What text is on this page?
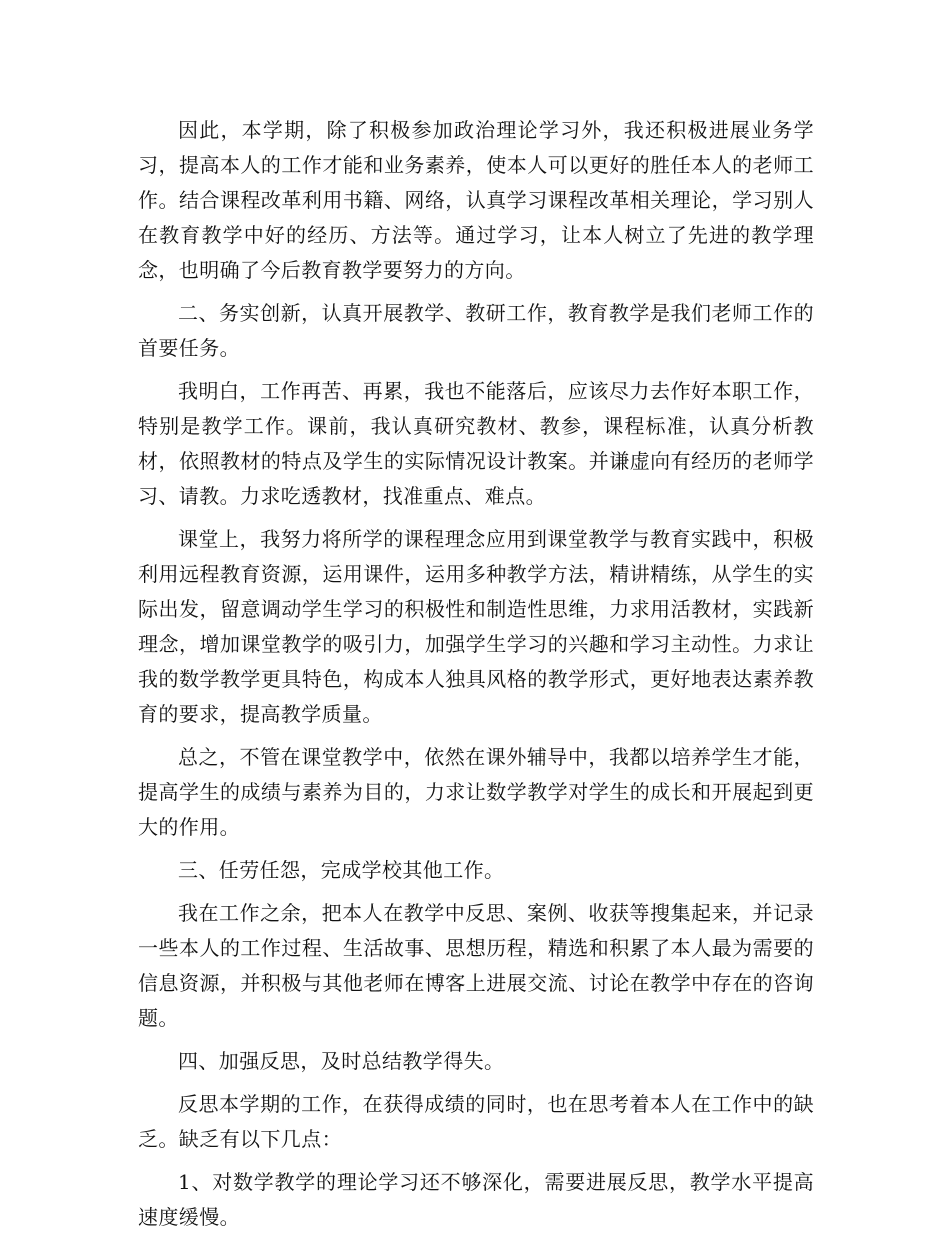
因此，本学期，除了积极参加政治理论学习外，我还积极进展业务学习，提高本人的工作才能和业务素养，使本人可以更好的胜任本人的老师工作。结合课程改革利用书籍、网络，认真学习课程改革相关理论，学习别人在教育教学中好的经历、方法等。通过学习，让本人树立了先进的教学理念，也明确了今后教育教学要努力的方向。

二、务实创新，认真开展教学、教研工作，教育教学是我们老师工作的首要任务。

我明白，工作再苦、再累，我也不能落后，应该尽力去作好本职工作，特别是教学工作。课前，我认真研究教材、教参，课程标准，认真分析教材，依照教材的特点及学生的实际情况设计教案。并谦虚向有经历的老师学习、请教。力求吃透教材，找准重点、难点。

课堂上，我努力将所学的课程理念应用到课堂教学与教育实践中，积极利用远程教育资源，运用课件，运用多种教学方法，精讲精练，从学生的实际出发，留意调动学生学习的积极性和制造性思维，力求用活教材，实践新理念，增加课堂教学的吸引力，加强学生学习的兴趣和学习主动性。力求让我的数学教学更具特色，构成本人独具风格的教学形式，更好地表达素养教育的要求，提高教学质量。

总之，不管在课堂教学中，依然在课外辅导中，我都以培养学生才能，提高学生的成绩与素养为目的，力求让数学教学对学生的成长和开展起到更大的作用。

三、任劳任怨，完成学校其他工作。

我在工作之余，把本人在教学中反思、案例、收获等搜集起来，并记录一些本人的工作过程、生活故事、思想历程，精选和积累了本人最为需要的信息资源，并积极与其他老师在博客上进展交流、讨论在教学中存在的咨询题。

四、加强反思，及时总结教学得失。

反思本学期的工作，在获得成绩的同时，也在思考着本人在工作中的缺乏。缺乏有以下几点：

1、对数学教学的理论学习还不够深化，需要进展反思，教学水平提高速度缓慢。
